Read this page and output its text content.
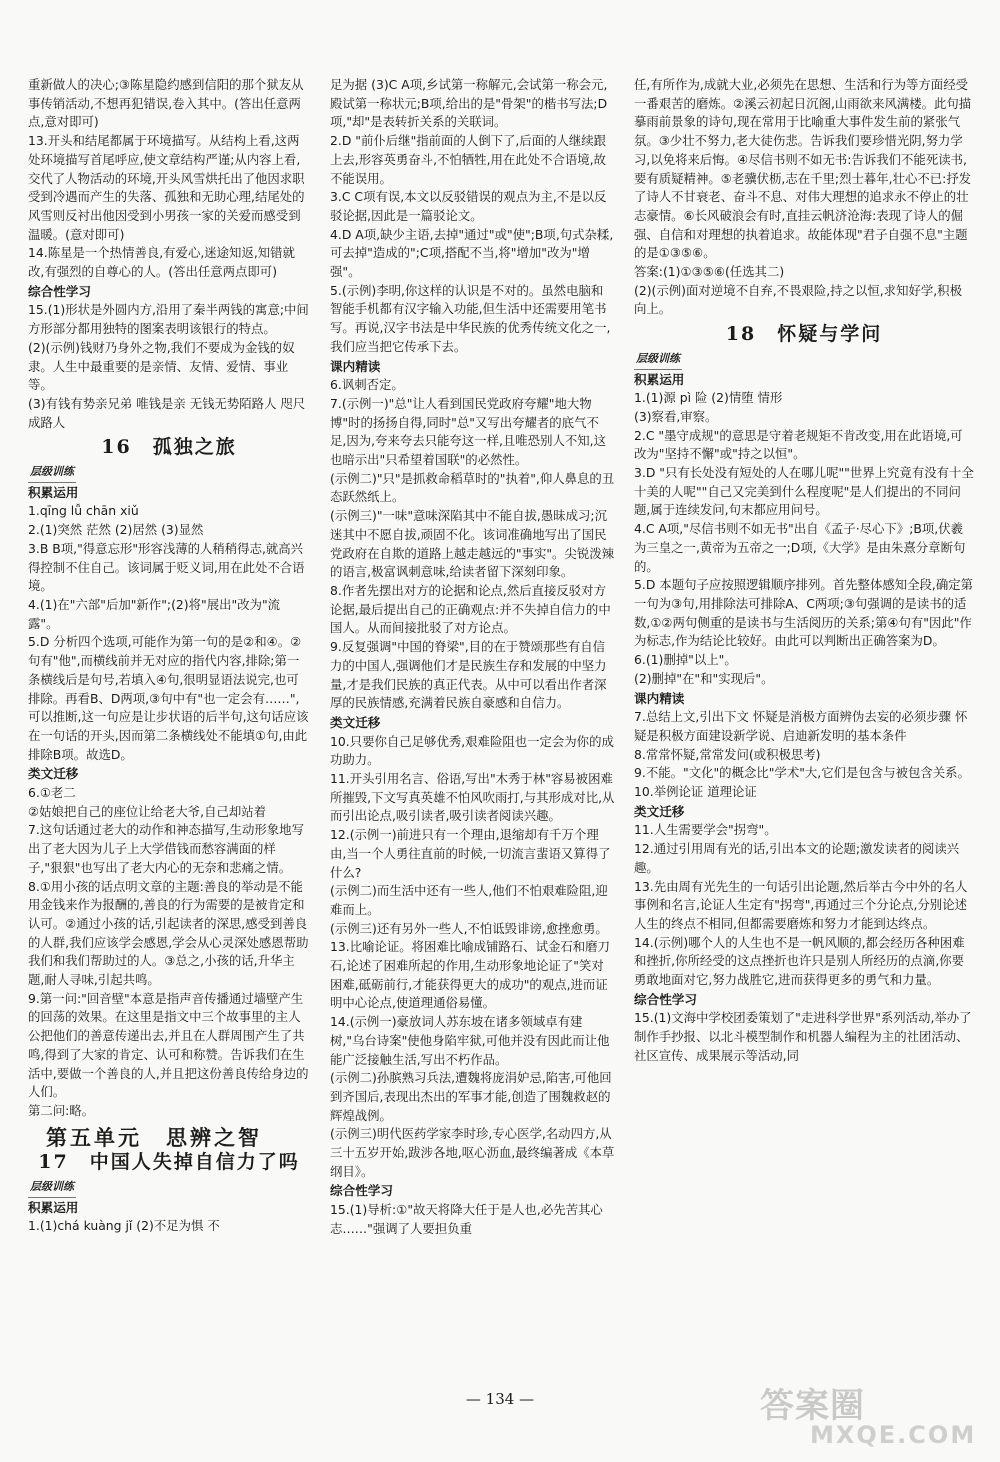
重新做人的决心;③陈星隐约感到信阳的那个狱友从事传销活动,不想再犯错误,卷入其中。(答出任意两点,意对即可)
13.开头和结尾都属于环境描写。从结构上看,这两处环境描写首尾呼应,使文章结构严谨;从内容上看,交代了人物活动的环境,开头风雪烘托出了他因求职受到冷遇而产生的失落、孤独和无助心理,结尾处的风雪则反衬出他因受到小男孩一家的关爱而感受到温暖。(意对即可)
14.陈星是一个热情善良,有爱心,迷途知返,知错就改,有强烈的自尊心的人。(答出任意两点即可)
综合性学习
15.(1)形状是外圆内方,沿用了秦半两钱的寓意;中间方形部分都用独特的图案表明该银行的特点。
(2)(示例)钱财乃身外之物,我们不要成为金钱的奴隶。人生中最重要的是亲情、友情、爱情、事业等。
(3)有钱有势亲兄弟 唯钱是亲 无钱无势陌路人 咫尺成路人
16　孤独之旅
层级训练
积累运用
1.qīng lǚ chān xiǔ
2.(1)突然 茫然 (2)居然 (3)显然
3.B B项,"得意忘形"形容浅薄的人稍稍得志,就高兴得控制不住自己。该词属于贬义词,用在此处不合语境。
4.(1)在"六部"后加"新作";(2)将"展出"改为"流露"。
5.D 分析四个选项,可能作为第一句的是②和④。②句有"他",而横线前并无对应的指代内容,排除;第一条横线后是句号,若填入④句,很明显语法说完,也可排除。再看B、D两项,③句中有"也一定会有……",可以推断,这一句应是让步状语的后半句,这句话应该在一句话的开头,因而第二条横线处不能填①句,由此排除B项。故选D。
类文迁移
6.①老二
②姑娘把自己的座位让给老大爷,自己却站着
7.这句话通过老大的动作和神态描写,生动形象地写出了老大因为儿子上大学借钱而愁容满面的样子,"狠狠"也写出了老大内心的无奈和悲痛之情。
8.①用小孩的话点明文章的主题:善良的举动是不能用金钱来作为报酬的,善良的行为需要的是被肯定和认可。②通过小孩的话,引起读者的深思,感受到善良的人群,我们应该学会感恩,学会从心灵深处感恩帮助我们和我们帮助过的人。③总之,小孩的话,升华主题,耐人寻味,引起共鸣。
9.第一问:"回音壁"本意是指声音传播通过墙壁产生的回荡的效果。在这里是指文中三个故事里的主人公把他们的善意传递出去,并且在人群周围产生了共鸣,得到了大家的肯定、认可和称赞。告诉我们在生活中,要做一个善良的人,并且把这份善良传给身边的人们。
第二问:略。
第五单元　思辨之智
17　中国人失掉自信力了吗
层级训练
积累运用
1.(1)chá kuàng jǐ (2)不足为惧 不
足为据 (3)C A项,乡试第一称解元,会试第一称会元,殿试第一称状元;B项,给出的是"骨架"的楷书写法;D项,"却"是表转折关系的关联词。
2.D "前仆后继"指前面的人倒下了,后面的人继续跟上去,形容英勇奋斗,不怕牺牲,用在此处不合语境,故不能误用。
3.C C项有误,本文以反驳错误的观点为主,不是以反驳论据,因此是一篇驳论文。
4.D A项,缺少主语,去掉"通过"或"使";B项,句式杂糅,可去掉"造成的";C项,搭配不当,将"增加"改为"增强"。
5.(示例)李明,你这样的认识是不对的。虽然电脑和智能手机都有汉字输入功能,但生活中还需要用笔书写。再说,汉字书法是中华民族的优秀传统文化之一,我们应当把它传承下去。
课内精读
6.讽刺否定。
7.(示例一)"总"让人看到国民党政府夸耀"地大物博"时的扬扬自得,同时"总"又写出夸耀者的底气不足,因为,夸来夸去只能夸这一样,且唯恐别人不知,这也暗示出"只希望着国联"的必然性。
(示例二)"只"是抓救命稻草时的"执着",仰人鼻息的丑态跃然纸上。
(示例三)"一味"意味深陷其中不能自拔,愚昧成习;沉迷其中不愿自拔,顽固不化。该词准确地写出了国民党政府在自欺的道路上越走越远的"事实"。尖锐泼辣的语言,极富讽刺意味,给读者留下深刻印象。
8.作者先摆出对方的论据和论点,然后直接反驳对方论据,最后提出自己的正确观点:并不失掉自信力的中国人。从而间接批驳了对方论点。
9.反复强调"中国的脊梁",目的在于赞颂那些有自信力的中国人,强调他们才是民族生存和发展的中坚力量,才是我们民族的真正代表。从中可以看出作者深厚的民族情感,充满着民族自豪感和自信力。
类文迁移
10.只要你自己足够优秀,艰难险阻也一定会为你的成功助力。
11.开头引用名言、俗语,写出"木秀于林"容易被困难所摧毁,下文写真英雄不怕风吹雨打,与其形成对比,从而引出论点,吸引读者,吸引读者阅读兴趣。
12.(示例一)前进只有一个理由,退缩却有千万个理由,当一个人勇往直前的时候,一切流言蜚语又算得了什么?
(示例二)而生活中还有一些人,他们不怕艰难险阻,迎难而上。
(示例三)还有另外一些人,不怕诋毁诽谤,愈挫愈勇。
13.比喻论证。将困难比喻成铺路石、试金石和磨刀石,论述了困难所起的作用,生动形象地论证了"笑对困难,砥砺前行,才能获得更大的成功"的观点,进而证明中心论点,使道理通俗易懂。
14.(示例一)豪放词人苏东坡在诸多领域卓有建树,"乌台诗案"使他身陷牢狱,可他并没有因此而让他能广泛接触生活,写出不朽作品。
(示例二)孙膑熟习兵法,遭魏将庞涓妒忌,陷害,可他回到齐国后,表现出杰出的军事才能,创造了围魏救赵的辉煌战例。
(示例三)明代医药学家李时珍,专心医学,名动四方,从三十五岁开始,跋涉各地,呕心沥血,最终编著成《本草纲目》。
综合性学习
15.(1)导析:①"故天将降大任于是人也,必先苦其心志……"强调了人要担负重
任,有所作为,成就大业,必须先在思想、生活和行为等方面经受一番艰苦的磨炼。②溪云初起日沉阁,山雨欲来风满楼。此句描摹雨前景象的诗句,现在常用于比喻重大事件发生前的紧张气氛。③少壮不努力,老大徒伤悲。告诉我们要珍惜光阴,努力学习,以免将来后悔。④尽信书则不如无书:告诉我们不能死读书,要有质疑精神。⑤老骥伏枥,志在千里;烈士暮年,壮心不已:抒发了诗人不甘衰老、奋斗不息、对伟大理想的追求永不停止的壮志豪情。⑥长风破浪会有时,直挂云帆济沧海:表现了诗人的倔强、自信和对理想的执着追求。故能体现"君子自强不息"主题的是①③⑤⑥。
答案:(1)①③⑤⑥(任选其二)
(2)(示例)面对逆境不自弃,不畏艰险,持之以恒,求知好学,积极向上。
18　怀疑与学问
层级训练
积累运用
1.(1)源 pì 险 (2)情堕 情形
(3)察看,审察。
2.C "墨守成规"的意思是守着老规矩不肯改变,用在此语境,可改为"坚持不懈"或"持之以恒"。
3.D "只有长处没有短处的人在哪儿呢""世界上究竟有没有十全十美的人呢""自己又完美到什么程度呢"是人们提出的不同问题,属于连续发问,句末都应用问号。
4.C A项,"尽信书则不如无书"出自《孟子·尽心下》;B项,伏羲为三皇之一,黄帝为五帝之一;D项,《大学》是由朱熹分章断句的。
5.D 本题句子应按照逻辑顺序排列。首先整体感知全段,确定第一句为③句,用排除法可排除A、C两项;③句强调的是读书的适数,①②两句侧重的是读书与生活阅历的关系;第④句有"因此"作为标志,作为结论比较好。由此可以判断出正确答案为D。
6.(1)删掉"以上"。
(2)删掉"在"和"实现后"。
课内精读
7.总结上文,引出下文 怀疑是消极方面辨伪去妄的必须步骤 怀疑是积极方面建设新学说、启迪新发明的基本条件
8.常常怀疑,常常发问(或积极思考)
9.不能。"文化"的概念比"学术"大,它们是包含与被包含关系。
10.举例论证 道理论证
类文迁移
11.人生需要学会"拐弯"。
12.通过引用周有光的话,引出本文的论题;激发读者的阅读兴趣。
13.先由周有光先生的一句话引出论题,然后举古今中外的名人事例和名言,论证人生定有"拐弯",再通过三个分论点,分别论述人生的终点不相同,但都需要磨炼和努力才能到达终点。
14.(示例)哪个人的人生也不是一帆风顺的,都会经历各种困难和挫折,你所经受的这点挫折也许只是别人所经历的点滴,你要勇敢地面对它,努力战胜它,进而获得更多的勇气和力量。
综合性学习
15.(1)文海中学校团委策划了"走进科学世界"系列活动,举办了制作手抄报、以北斗模型制作和机器人编程为主的社团活动、社区宣传、成果展示等活动,同
— 134 —	答案圈
MXQE.COM
